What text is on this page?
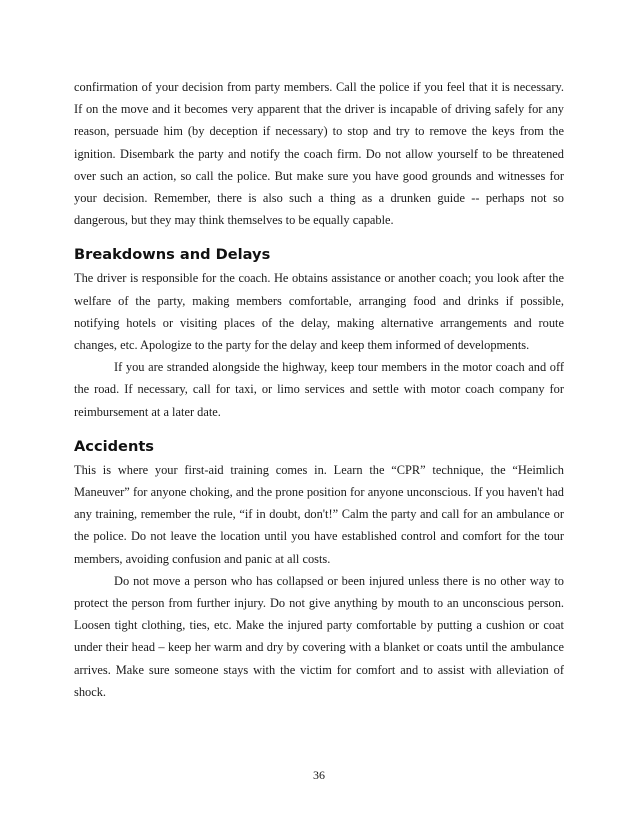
confirmation of your decision from party members. Call the police if you feel that it is necessary. If on the move and it becomes very apparent that the driver is incapable of driving safely for any reason, persuade him (by deception if necessary) to stop and try to remove the keys from the ignition. Disembark the party and notify the coach firm. Do not allow yourself to be threatened over such an action, so call the police. But make sure you have good grounds and witnesses for your decision. Remember, there is also such a thing as a drunken guide -- perhaps not so dangerous, but they may think themselves to be equally capable.

Breakdowns and Delays

The driver is responsible for the coach. He obtains assistance or another coach; you look after the welfare of the party, making members comfortable, arranging food and drinks if possible, notifying hotels or visiting places of the delay, making alternative arrangements and route changes, etc. Apologize to the party for the delay and keep them informed of developments.

If you are stranded alongside the highway, keep tour members in the motor coach and off the road. If necessary, call for taxi, or limo services and settle with motor coach company for reimbursement at a later date.

Accidents

This is where your first-aid training comes in. Learn the “CPR” technique, the “Heimlich Maneuver” for anyone choking, and the prone position for anyone unconscious. If you haven't had any training, remember the rule, “if in doubt, don't!” Calm the party and call for an ambulance or the police. Do not leave the location until you have established control and comfort for the tour members, avoiding confusion and panic at all costs.

Do not move a person who has collapsed or been injured unless there is no other way to protect the person from further injury. Do not give anything by mouth to an unconscious person. Loosen tight clothing, ties, etc. Make the injured party comfortable by putting a cushion or coat under their head – keep her warm and dry by covering with a blanket or coats until the ambulance arrives. Make sure someone stays with the victim for comfort and to assist with alleviation of shock.

36
